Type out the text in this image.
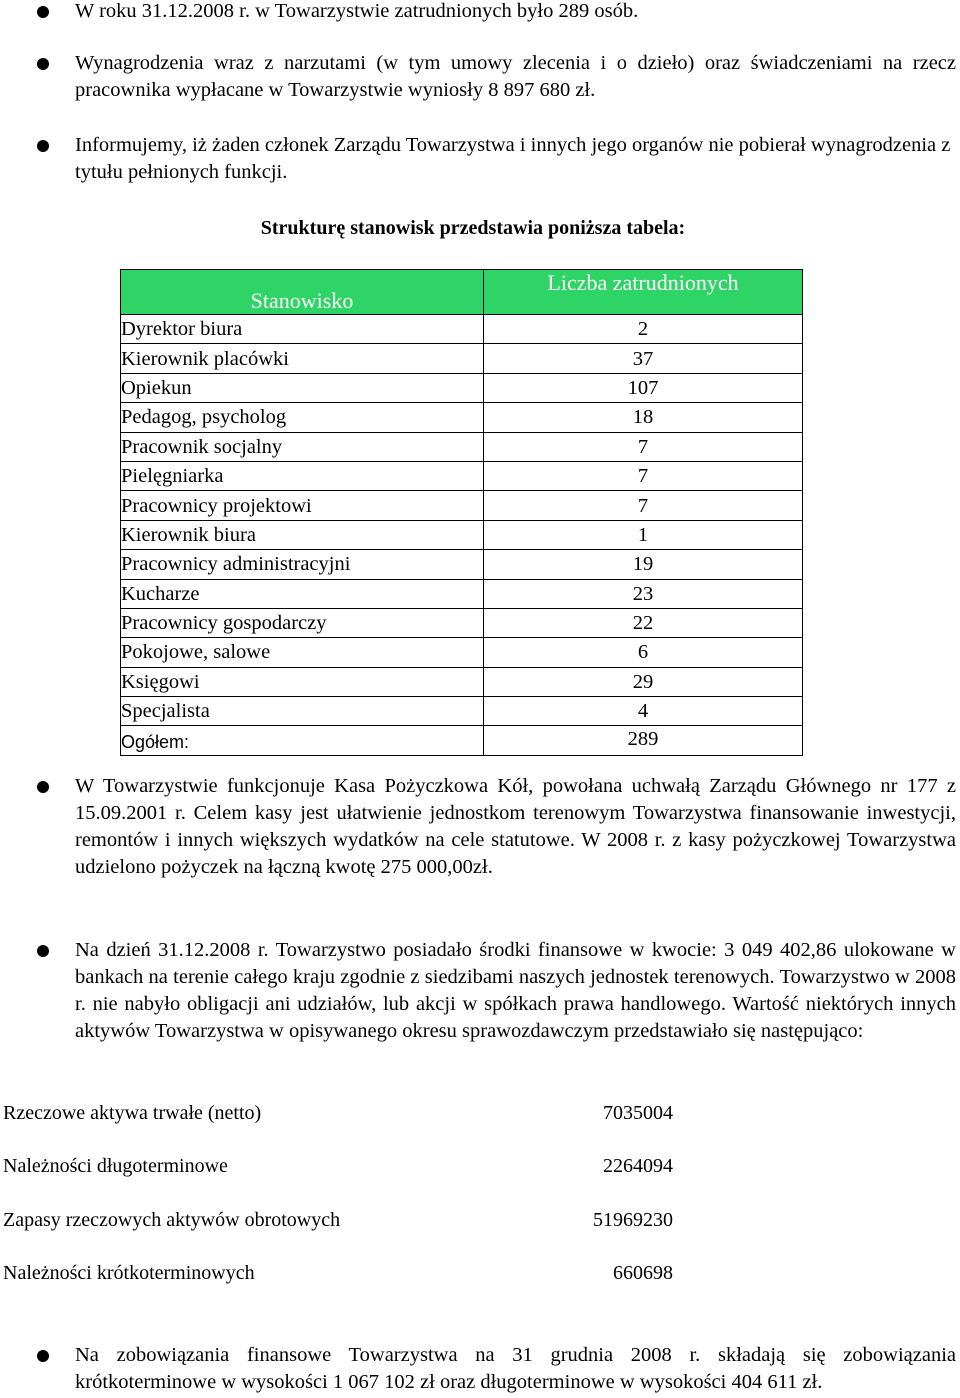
W roku 31.12.2008 r. w Towarzystwie zatrudnionych było 289 osób.

Wynagrodzenia wraz z narzutami (w tym umowy zlecenia i o dzieło) oraz świadczeniami na rzecz pracownika wypłacane w Towarzystwie wyniosły 8 897 680 zł.

Informujemy, iż żaden członek Zarządu Towarzystwa i innych jego organów nie pobierał wynagrodzenia z tytułu pełnionych funkcji.

Strukturę stanowisk przedstawia poniższa tabela:
Stanowisko	Liczba zatrudnionych
Dyrektor biura	2
Kierownik placówki	37
Opiekun	107
Pedagog, psycholog	18
Pracownik socjalny	7
Pielęgniarka	7
Pracownicy projektowi	7
Kierownik biura	1
Pracownicy administracyjni	19
Kucharze	23
Pracownicy gospodarczy	22
Pokojowe, salowe	6
Księgowi	29
Specjalista	4
Ogółem:	289

W Towarzystwie funkcjonuje Kasa Pożyczkowa Kół, powołana uchwałą Zarządu Głównego nr 177 z 15.09.2001 r. Celem kasy jest ułatwienie jednostkom terenowym Towarzystwa finansowanie inwestycji, remontów i innych większych wydatków na cele statutowe. W 2008 r. z kasy pożyczkowej Towarzystwa udzielono pożyczek na łączną kwotę 275 000,00zł.

Na dzień 31.12.2008 r. Towarzystwo posiadało środki finansowe w kwocie: 3 049 402,86 ulokowane w bankach na terenie całego kraju zgodnie z siedzibami naszych jednostek terenowych. Towarzystwo w 2008 r. nie nabyło obligacji ani udziałów, lub akcji w spółkach prawa handlowego. Wartość niektórych innych aktywów Towarzystwa w opisywanego okresu sprawozdawczym przedstawiało się następująco:

Rzeczowe aktywa trwałe (netto)	7035004
Należności długoterminowe	2264094
Zapasy rzeczowych aktywów obrotowych	51969230
Należności krótkoterminowych	660698

Na zobowiązania finansowe Towarzystwa na 31 grudnia 2008 r. składają się zobowiązania krótkoterminowe w wysokości 1 067 102 zł oraz długoterminowe w wysokości 404 611 zł.
